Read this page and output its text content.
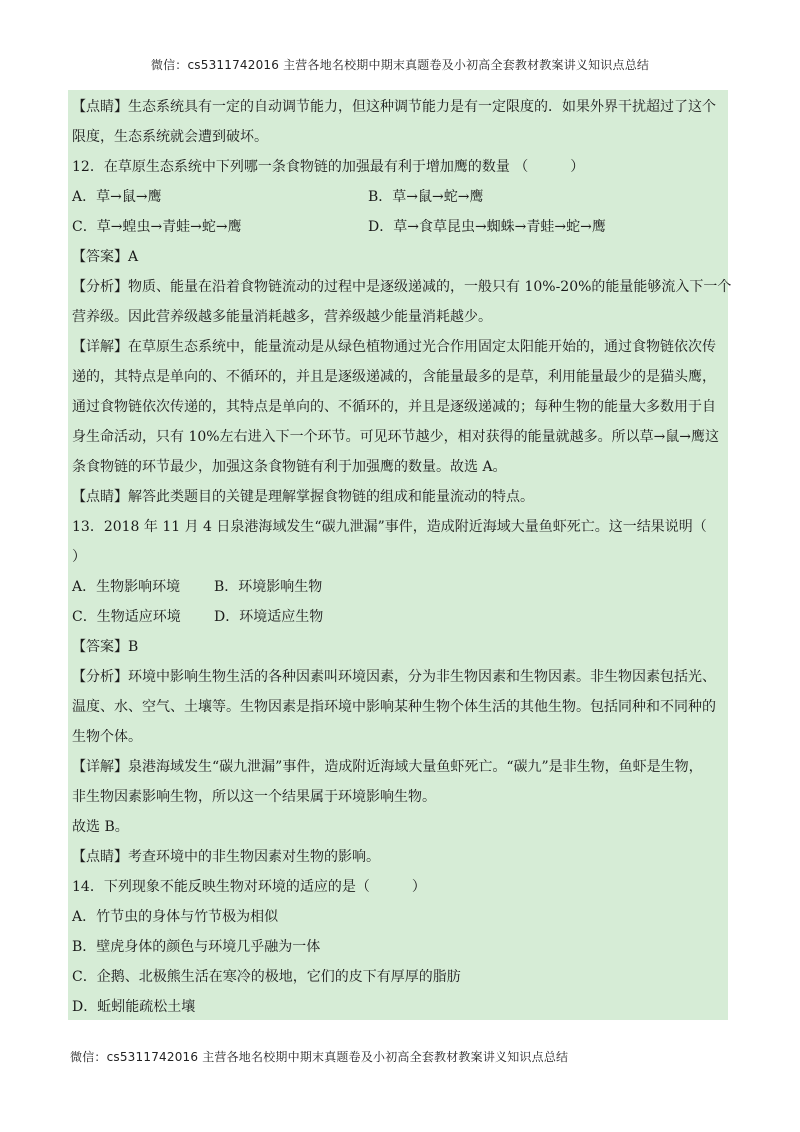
微信：cs5311742016 主营各地名校期中期末真题卷及小初高全套教材教案讲义知识点总结
【点睛】生态系统具有一定的自动调节能力，但这种调节能力是有一定限度的．如果外界干扰超过了这个
限度，生态系统就会遭到破坏。
12．在草原生态系统中下列哪一条食物链的加强最有利于增加鹰的数量 （　　　）
A．草→鼠→鹰	B．草→鼠→蛇→鹰
C．草→蝗虫→青蛙→蛇→鹰	D．草→食草昆虫→蜘蛛→青蛙→蛇→鹰
【答案】A
【分析】物质、能量在沿着食物链流动的过程中是逐级递减的，一般只有 10%-20%的能量能够流入下一个
营养级。因此营养级越多能量消耗越多，营养级越少能量消耗越少。
【详解】在草原生态系统中，能量流动是从绿色植物通过光合作用固定太阳能开始的，通过食物链依次传
递的，其特点是单向的、不循环的，并且是逐级递减的，含能量最多的是草，利用能量最少的是猫头鹰，
通过食物链依次传递的，其特点是单向的、不循环的，并且是逐级递减的；每种生物的能量大多数用于自
身生命活动，只有 10%左右进入下一个环节。可见环节越少，相对获得的能量就越多。所以草→鼠→鹰这
条食物链的环节最少，加强这条食物链有利于加强鹰的数量。故选 A。
【点睛】解答此类题目的关键是理解掌握食物链的组成和能量流动的特点。
13．2018 年 11 月 4 日泉港海域发生“碳九泄漏”事件，造成附近海域大量鱼虾死亡。这一结果说明（
）
A．生物影响环境 B．环境影响生物
C．生物适应环境 D．环境适应生物
【答案】B
【分析】环境中影响生物生活的各种因素叫环境因素，分为非生物因素和生物因素。非生物因素包括光、
温度、水、空气、土壤等。生物因素是指环境中影响某种生物个体生活的其他生物。包括同种和不同种的
生物个体。
【详解】泉港海域发生“碳九泄漏”事件，造成附近海域大量鱼虾死亡。“碳九”是非生物，鱼虾是生物，
非生物因素影响生物，所以这一个结果属于环境影响生物。
故选 B。
【点睛】考查环境中的非生物因素对生物的影响。
14．下列现象不能反映生物对环境的适应的是（　　　）
A．竹节虫的身体与竹节极为相似
B．壁虎身体的颜色与环境几乎融为一体
C．企鹅、北极熊生活在寒冷的极地，它们的皮下有厚厚的脂肪
D．蚯蚓能疏松土壤
微信：cs5311742016 主营各地名校期中期末真题卷及小初高全套教材教案讲义知识点总结
